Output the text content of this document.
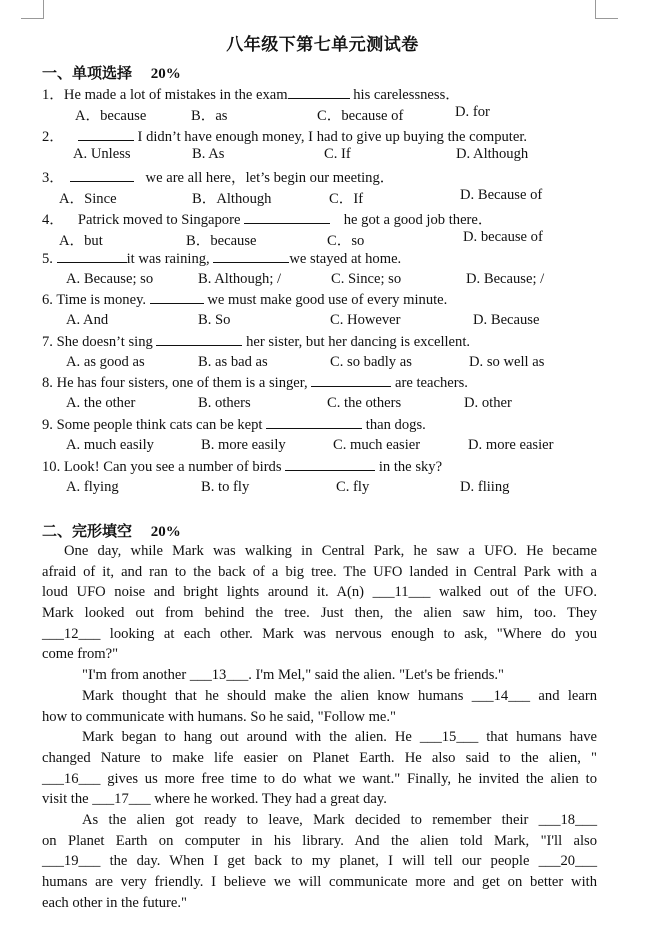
八年级下第七单元测试卷
一、单项选择 20%
1．He made a lot of mistakes in the exam	his carelessness．
A．because	B．as	C．because of	D. for
2．	I didn’t have enough money, I had to give up buying the computer.
A. Unless	B. As	C. If	D. Although
3．	we are all here，let’s begin our meeting．
A．Since	B．Although	C．If	D. Because of
4． Patrick moved to Singapore	he got a good job there．
A．but	B．because	C．so	D. because of
5.	it was raining,	we stayed at home.
A. Because; so	B. Although; /	C. Since; so	D. Because; /
6. Time is money.	we must make good use of every minute.
A. And	B. So	C. However	D. Because
7. She doesn’t sing	her sister, but her dancing is excellent.
A. as good as	B. as bad as	C. so badly as	D. so well as
8. He has four sisters, one of them is a singer,	are teachers.
A. the other	B. others	C. the others	D. other
9. Some people think cats can be kept	than dogs.
A. much easily	B. more easily	C. much easier	D. more easier
10. Look! Can you see a number of birds	in the sky?
A. flying	B. to fly	C. fly	D. fliing
二、完形填空 20%
One day, while Mark was walking in Central Park, he saw a UFO. He became
afraid of it, and ran to the back of a big tree. The UFO landed in Central Park with a
loud UFO noise and bright lights around it. A(n) ___11___ walked out of the UFO.
Mark looked out from behind the tree. Just then, the alien saw him, too. They
___12___ looking at each other. Mark was nervous enough to ask, "Where do you
come from?"
"I'm from another ___13___. I'm Mel," said the alien. "Let's be friends."
Mark thought that he should make the alien know humans ___14___ and learn
how to communicate with humans. So he said, "Follow me."
Mark began to hang out around with the alien. He ___15___ that humans have
changed Nature to make life easier on Planet Earth. He also said to the alien, "
___16___ gives us more free time to do what we want." Finally, he invited the alien to
visit the ___17___ where he worked. They had a great day.
As the alien got ready to leave, Mark decided to remember their ___18___
on Planet Earth on computer in his library. And the alien told Mark, "I'll also
___19___ the day. When I get back to my planet, I will tell our people ___20___
humans are very friendly. I believe we will communicate more and get on better with
each other in the future."
